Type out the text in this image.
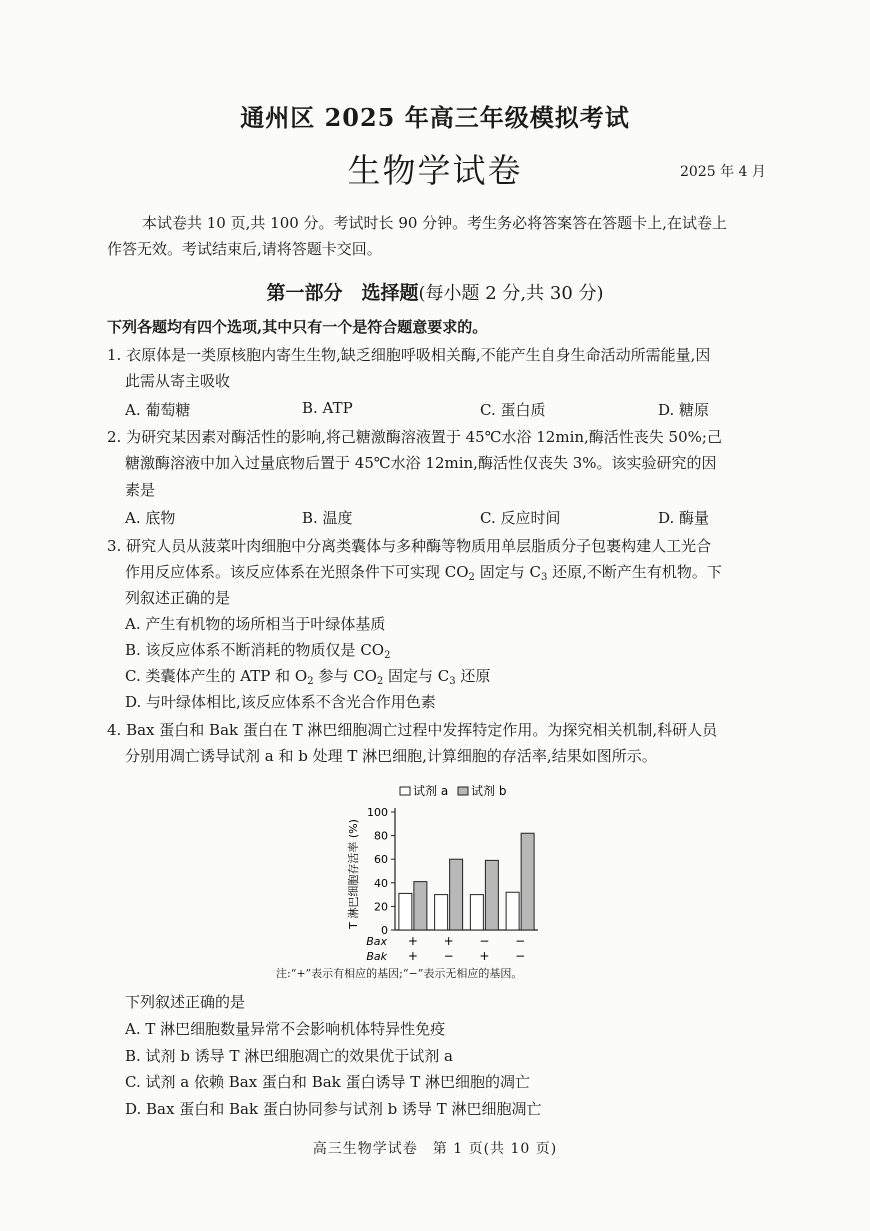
通州区 2025 年高三年级模拟考试
生物学试卷	2025 年 4 月
本试卷共 10 页,共 100 分。考试时长 90 分钟。考生务必将答案答在答题卡上,在试卷上
作答无效。考试结束后,请将答题卡交回。
第一部分　选择题(每小题 2 分,共 30 分)
下列各题均有四个选项,其中只有一个是符合题意要求的。
1. 衣原体是一类原核胞内寄生生物,缺乏细胞呼吸相关酶,不能产生自身生命活动所需能量,因
此需从寄主吸收
A. 葡萄糖	B. ATP	C. 蛋白质	D. 糖原
2. 为研究某因素对酶活性的影响,将己糖激酶溶液置于 45℃水浴 12min,酶活性丧失 50%;己
糖激酶溶液中加入过量底物后置于 45℃水浴 12min,酶活性仅丧失 3%。该实验研究的因
素是
A. 底物	B. 温度	C. 反应时间	D. 酶量
3. 研究人员从菠菜叶肉细胞中分离类囊体与多种酶等物质用单层脂质分子包裹构建人工光合
作用反应体系。该反应体系在光照条件下可实现 $CO_2$ 固定与 $C_3$ 还原,不断产生有机物。下
列叙述正确的是
A. 产生有机物的场所相当于叶绿体基质
B. 该反应体系不断消耗的物质仅是 $CO_2$
C. 类囊体产生的 ATP 和 $O_2$ 参与 $CO_2$ 固定与 $C_3$ 还原
D. 与叶绿体相比,该反应体系不含光合作用色素
4. Bax 蛋白和 Bak 蛋白在 T 淋巴细胞凋亡过程中发挥特定作用。为探究相关机制,科研人员
分别用凋亡诱导试剂 a 和 b 处理 T 淋巴细胞,计算细胞的存活率,结果如图所示。
试剂 a 试剂 b
0
20
40
60
80
100
Bax + + − −
Bak + − + −
T 淋巴细胞存活率 (%)
注:“+”表示有相应的基因;“−”表示无相应的基因。
下列叙述正确的是
A. T 淋巴细胞数量异常不会影响机体特异性免疫
B. 试剂 b 诱导 T 淋巴细胞凋亡的效果优于试剂 a
C. 试剂 a 依赖 Bax 蛋白和 Bak 蛋白诱导 T 淋巴细胞的凋亡
D. Bax 蛋白和 Bak 蛋白协同参与试剂 b 诱导 T 淋巴细胞凋亡
高三生物学试卷　第 1 页(共 10 页)
